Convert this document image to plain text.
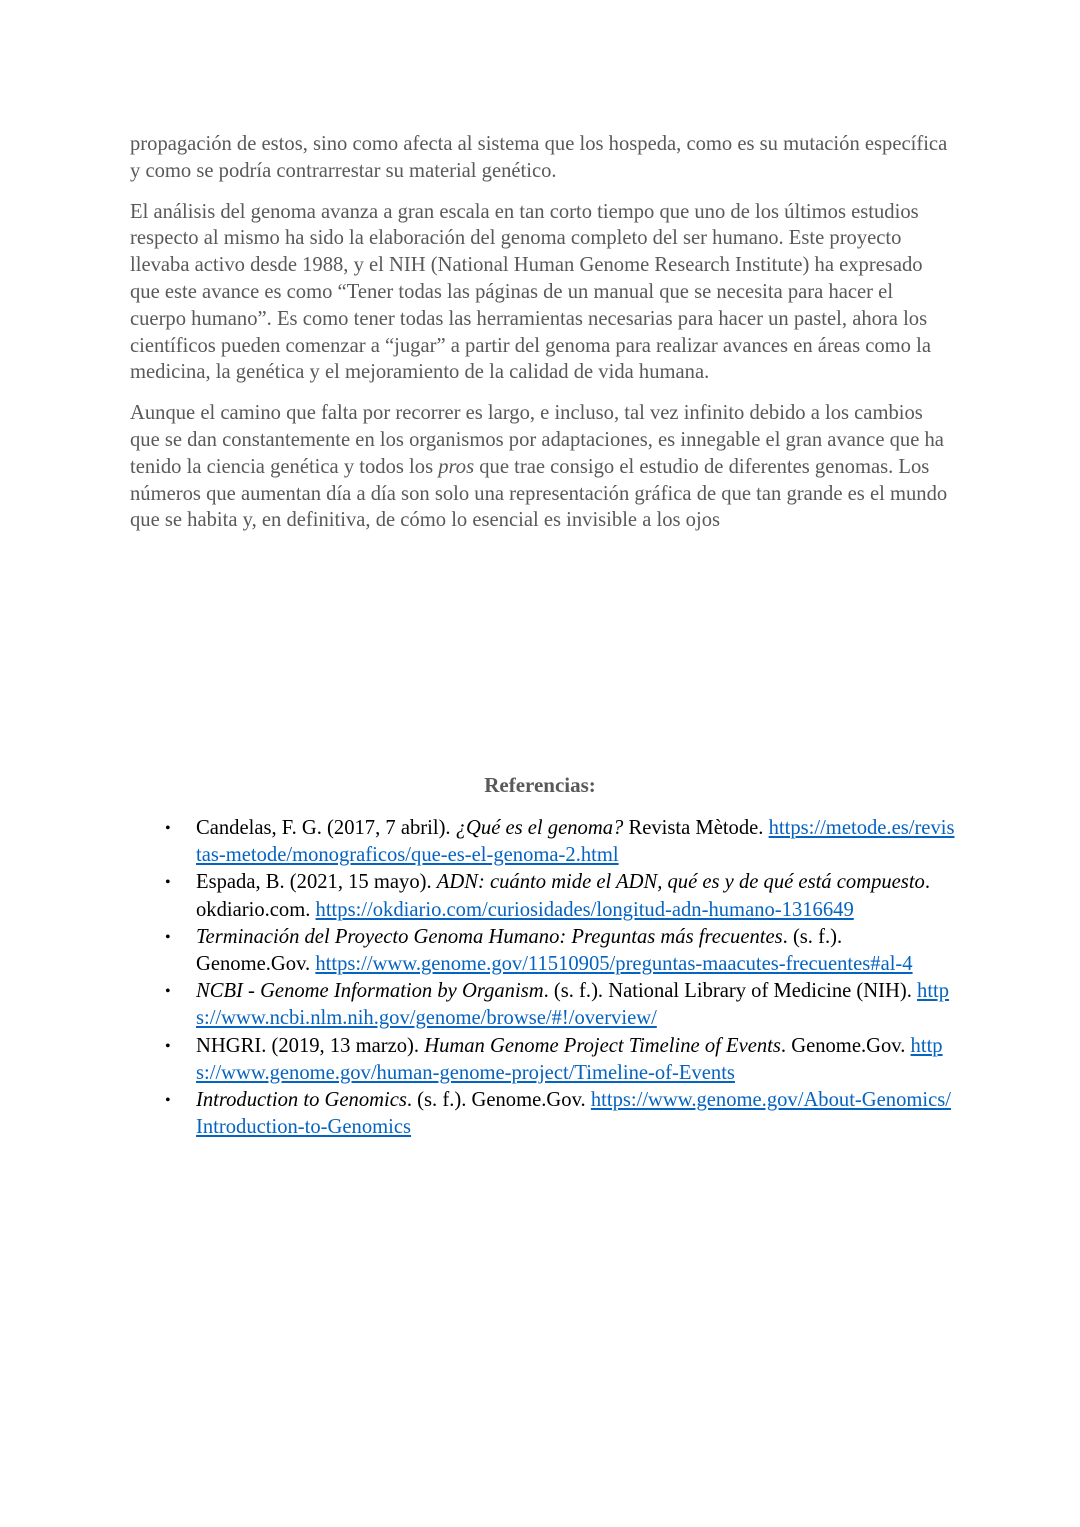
propagación de estos, sino como afecta al sistema que los hospeda, como es su mutación específica y como se podría contrarrestar su material genético.

El análisis del genoma avanza a gran escala en tan corto tiempo que uno de los últimos estudios respecto al mismo ha sido la elaboración del genoma completo del ser humano. Este proyecto llevaba activo desde 1988, y el NIH (National Human Genome Research Institute) ha expresado que este avance es como “Tener todas las páginas de un manual que se necesita para hacer el cuerpo humano”. Es como tener todas las herramientas necesarias para hacer un pastel, ahora los científicos pueden comenzar a “jugar” a partir del genoma para realizar avances en áreas como la medicina, la genética y el mejoramiento de la calidad de vida humana.

Aunque el camino que falta por recorrer es largo, e incluso, tal vez infinito debido a los cambios que se dan constantemente en los organismos por adaptaciones, es innegable el gran avance que ha tenido la ciencia genética y todos los pros que trae consigo el estudio de diferentes genomas. Los números que aumentan día a día son solo una representación gráfica de que tan grande es el mundo que se habita y, en definitiva, de cómo lo esencial es invisible a los ojos

Referencias:
• Candelas, F. G. (2017, 7 abril). ¿Qué es el genoma? Revista Mètode. https://metode.es/revistas-metode/monograficos/que-es-el-genoma-2.html
• Espada, B. (2021, 15 mayo). ADN: cuánto mide el ADN, qué es y de qué está compuesto. okdiario.com. https://okdiario.com/curiosidades/longitud-adn-humano-1316649
• Terminación del Proyecto Genoma Humano: Preguntas más frecuentes. (s. f.). Genome.Gov. https://www.genome.gov/11510905/preguntas-maacutes-frecuentes#al-4
• NCBI - Genome Information by Organism. (s. f.). National Library of Medicine (NIH). https://www.ncbi.nlm.nih.gov/genome/browse/#!/overview/
• NHGRI. (2019, 13 marzo). Human Genome Project Timeline of Events. Genome.Gov. https://www.genome.gov/human-genome-project/Timeline-of-Events
• Introduction to Genomics. (s. f.). Genome.Gov. https://www.genome.gov/About-Genomics/Introduction-to-Genomics
